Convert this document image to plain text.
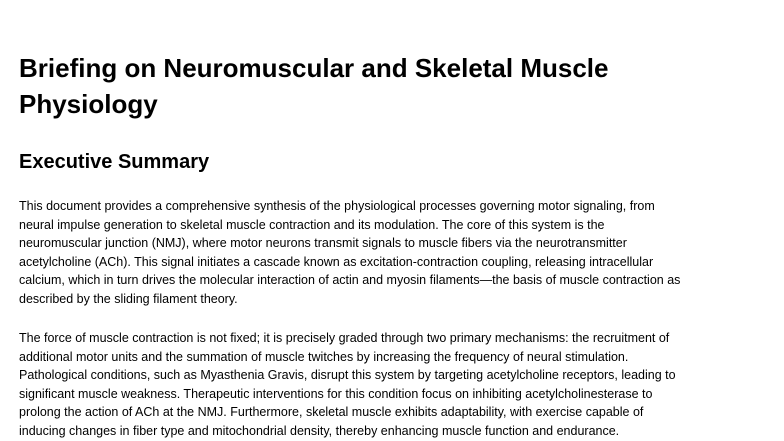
Briefing on Neuromuscular and Skeletal Muscle
Physiology
Executive Summary

This document provides a comprehensive synthesis of the physiological processes governing motor signaling, from
neural impulse generation to skeletal muscle contraction and its modulation. The core of this system is the
neuromuscular junction (NMJ), where motor neurons transmit signals to muscle fibers via the neurotransmitter
acetylcholine (ACh). This signal initiates a cascade known as excitation-contraction coupling, releasing intracellular
calcium, which in turn drives the molecular interaction of actin and myosin filaments—the basis of muscle contraction as
described by the sliding filament theory.

The force of muscle contraction is not fixed; it is precisely graded through two primary mechanisms: the recruitment of
additional motor units and the summation of muscle twitches by increasing the frequency of neural stimulation.
Pathological conditions, such as Myasthenia Gravis, disrupt this system by targeting acetylcholine receptors, leading to
significant muscle weakness. Therapeutic interventions for this condition focus on inhibiting acetylcholinesterase to
prolong the action of ACh at the NMJ. Furthermore, skeletal muscle exhibits adaptability, with exercise capable of
inducing changes in fiber type and mitochondrial density, thereby enhancing muscle function and endurance.
